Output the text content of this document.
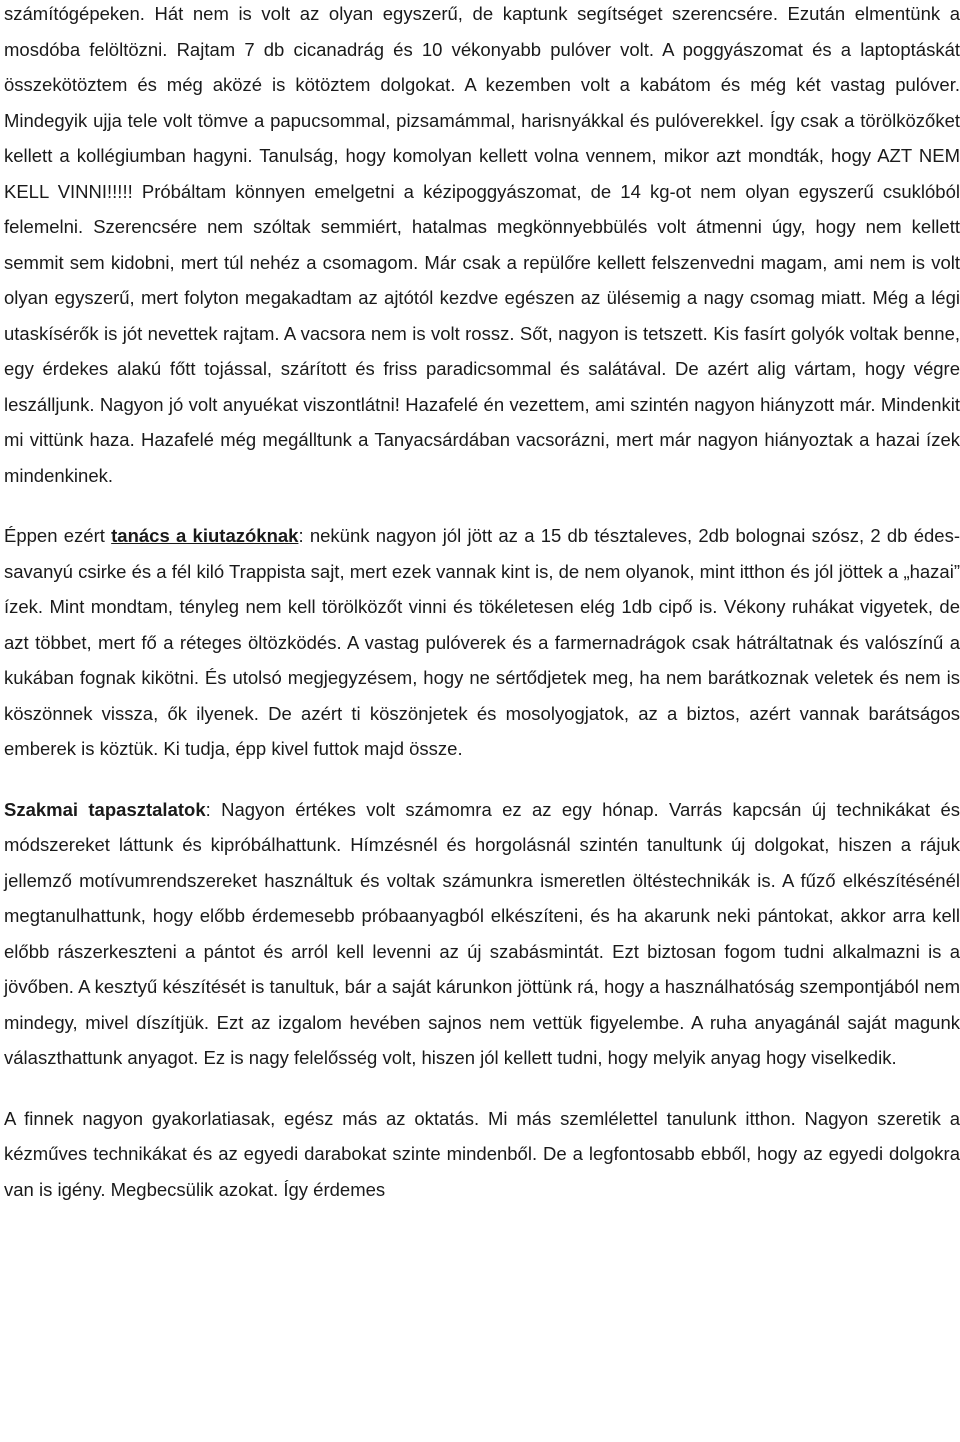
számítógépeken. Hát nem is volt az olyan egyszerű, de kaptunk segítséget szerencsére. Ezután elmentünk a mosdóba felöltözni. Rajtam 7 db cicanadrág és 10 vékonyabb pulóver volt. A poggyászomat és a laptoptáskát összekötöztem és még aközé is kötöztem dolgokat. A kezemben volt a kabátom és még két vastag pulóver. Mindegyik ujja tele volt tömve a papucsommal, pizsamámmal, harisnyákkal és pulóverekkel. Így csak a törölközőket kellett a kollégiumban hagyni. Tanulság, hogy komolyan kellett volna vennem, mikor azt mondták, hogy AZT NEM KELL VINNI!!!!! Próbáltam könnyen emelgetni a kézipoggyászomat, de 14 kg-ot nem olyan egyszerű csuklóból felemelni. Szerencsére nem szóltak semmiért, hatalmas megkönnyebbülés volt átmenni úgy, hogy nem kellett semmit sem kidobni, mert túl nehéz a csomagom. Már csak a repülőre kellett felszenvedni magam, ami nem is volt olyan egyszerű, mert folyton megakadtam az ajtótól kezdve egészen az ülésemig a nagy csomag miatt. Még a légi utaskísérők is jót nevettek rajtam. A vacsora nem is volt rossz. Sőt, nagyon is tetszett. Kis fasírt golyók voltak benne, egy érdekes alakú főtt tojással, szárított és friss paradicsommal és salátával. De azért alig vártam, hogy végre leszálljunk. Nagyon jó volt anyuékat viszontlátni! Hazafelé én vezettem, ami szintén nagyon hiányzott már. Mindenkit mi vittünk haza. Hazafelé még megálltunk a Tanyacsárdában vacsorázni, mert már nagyon hiányoztak a hazai ízek mindenkinek.

Éppen ezért tanács a kiutazóknak: nekünk nagyon jól jött az a 15 db tésztaleves, 2db bolognai szósz, 2 db édes-savanyú csirke és a fél kiló Trappista sajt, mert ezek vannak kint is, de nem olyanok, mint itthon és jól jöttek a „hazai” ízek. Mint mondtam, tényleg nem kell törölközőt vinni és tökéletesen elég 1db cipő is. Vékony ruhákat vigyetek, de azt többet, mert fő a réteges öltözködés. A vastag pulóverek és a farmernadrágok csak hátráltatnak és valószínű a kukában fognak kikötni. És utolsó megjegyzésem, hogy ne sértődjetek meg, ha nem barátkoznak veletek és nem is köszönnek vissza, ők ilyenek. De azért ti köszönjetek és mosolyogjatok, az a biztos, azért vannak barátságos emberek is köztük. Ki tudja, épp kivel futtok majd össze.

Szakmai tapasztalatok: Nagyon értékes volt számomra ez az egy hónap. Varrás kapcsán új technikákat és módszereket láttunk és kipróbálhattunk. Hímzésnél és horgolásnál szintén tanultunk új dolgokat, hiszen a rájuk jellemző motívumrendszereket használtuk és voltak számunkra ismeretlen öltéstechnikák is. A fűző elkészítésénél megtanulhattunk, hogy előbb érdemesebb próbaanyagból elkészíteni, és ha akarunk neki pántokat, akkor arra kell előbb rászerkeszteni a pántot és arról kell levenni az új szabásmintát. Ezt biztosan fogom tudni alkalmazni is a jövőben. A kesztyű készítését is tanultuk, bár a saját kárunkon jöttünk rá, hogy a használhatóság szempontjából nem mindegy, mivel díszítjük. Ezt az izgalom hevében sajnos nem vettük figyelembe. A ruha anyagánál saját magunk választhattunk anyagot. Ez is nagy felelősség volt, hiszen jól kellett tudni, hogy melyik anyag hogy viselkedik.

A finnek nagyon gyakorlatiasak, egész más az oktatás. Mi más szemlélettel tanulunk itthon. Nagyon szeretik a kézműves technikákat és az egyedi darabokat szinte mindenből. De a legfontosabb ebből, hogy az egyedi dolgokra van is igény. Megbecsülik azokat. Így érdemes
